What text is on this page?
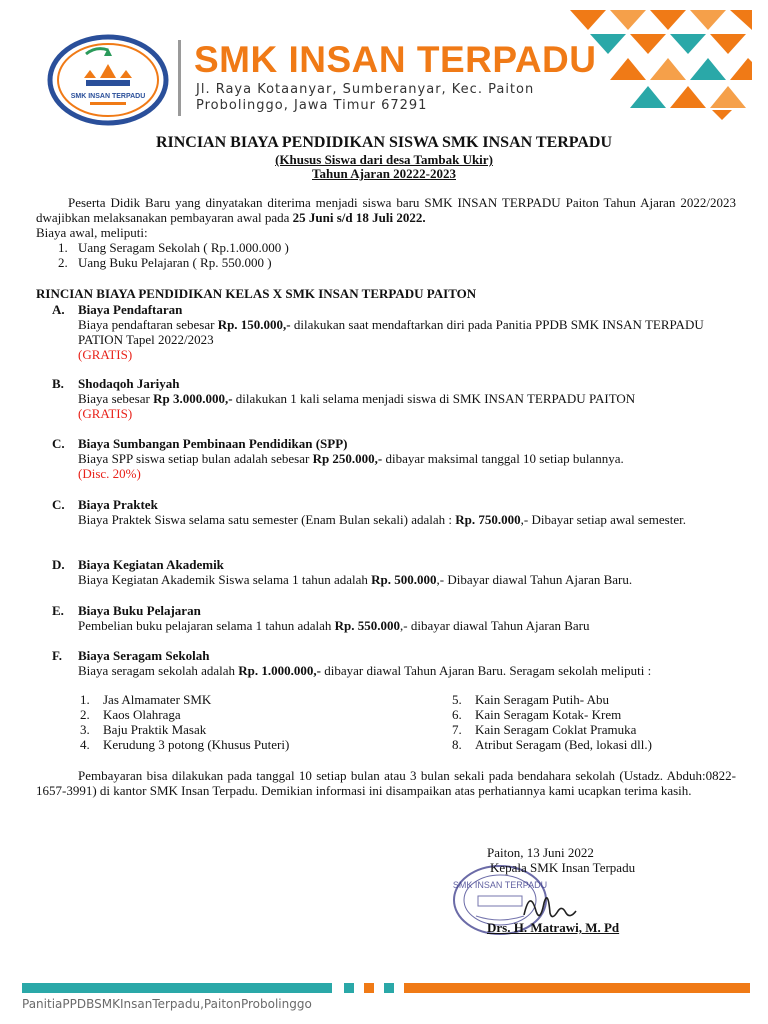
SMK INSAN TERPADU
SMK INSAN TERPADU
Jl. Raya Kotaanyar, Sumberanyar, Kec. Paiton
Probolinggo, Jawa Timur 67291
RINCIAN BIAYA PENDIDIKAN SISWA SMK INSAN TERPADU
(Khusus Siswa dari desa Tambak Ukir)
Tahun Ajaran 20222-2023

Peserta Didik Baru yang dinyatakan diterima menjadi siswa baru SMK INSAN TERPADU Paiton Tahun Ajaran 2022/2023 dwajibkan melaksanakan pembayaran awal pada 25 Juni s/d 18 Juli 2022.

Biaya awal, meliputi:

1. Uang Seragam Sekolah ( Rp.1.000.000 )
2. Uang Buku Pelajaran ( Rp. 550.000 )
RINCIAN BIAYA PENDIDIKAN KELAS X SMK INSAN TERPADU PAITON
A.	Biaya Pendaftaran
Biaya pendaftaran sebesar Rp. 150.000,- dilakukan saat mendaftarkan diri pada Panitia PPDB SMK INSAN TERPADU PATION Tapel 2022/2023
(GRATIS)
B.	Shodaqoh Jariyah
Biaya sebesar Rp 3.000.000,- dilakukan 1 kali selama menjadi siswa di SMK INSAN TERPADU PAITON
(GRATIS)
C.	Biaya Sumbangan Pembinaan Pendidikan (SPP)
Biaya SPP siswa setiap bulan adalah sebesar Rp 250.000,- dibayar maksimal tanggal 10 setiap bulannya.
(Disc. 20%)
C.	Biaya Praktek
Biaya Praktek Siswa selama satu semester (Enam Bulan sekali) adalah : Rp. 750.000,- Dibayar setiap awal semester.
D.	Biaya Kegiatan Akademik
Biaya Kegiatan Akademik Siswa selama 1 tahun adalah Rp. 500.000,- Dibayar diawal Tahun Ajaran Baru.
E.	Biaya Buku Pelajaran
Pembelian buku pelajaran selama 1 tahun adalah Rp. 550.000,- dibayar diawal Tahun Ajaran Baru
F.	Biaya Seragam Sekolah
Biaya seragam sekolah adalah Rp. 1.000.000,- dibayar diawal Tahun Ajaran Baru. Seragam sekolah meliputi :
1.	Jas Almamater SMK
2.	Kaos Olahraga
3.	Baju Praktik Masak
4.	Kerudung 3 potong (Khusus Puteri)
5.	Kain Seragam Putih- Abu
6.	Kain Seragam Kotak- Krem
7.	Kain Seragam Coklat Pramuka
8.	Atribut Seragam (Bed, lokasi dll.)

Pembayaran bisa dilakukan pada tanggal 10 setiap bulan atau 3 bulan sekali pada bendahara sekolah (Ustadz. Abduh:0822-1657-3991) di kantor SMK Insan Terpadu. Demikian informasi ini disampaikan atas perhatiannya kami ucapkan terima kasih.

Paiton, 13 Juni 2022
SMK INSAN TERPADU
Kepala SMK Insan Terpadu
Drs. H. Matrawi, M. Pd
PanitiaPPDBSMKInsanTerpadu,PaitonProbolinggo
